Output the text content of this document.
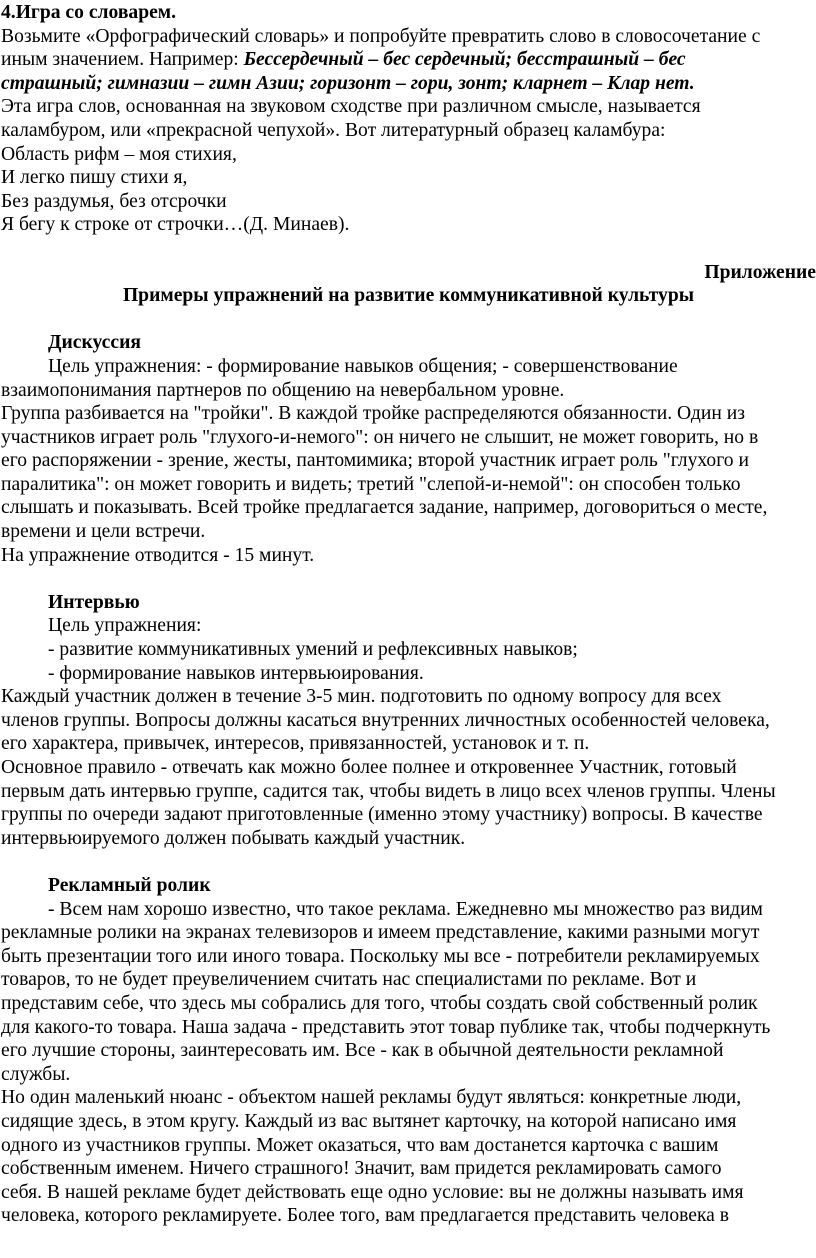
4.Игра со словарем.
Возьмите «Орфографический словарь» и попробуйте превратить слово в словосочетание с
иным значением. Например: Бессердечный – бес сердечный; бесстрашный – бес
страшный; гимназии – гимн Азии; горизонт – гори, зонт; кларнет – Клар нет.
Эта игра слов, основанная на звуковом сходстве при различном смысле, называется
каламбуром, или «прекрасной чепухой». Вот литературный образец каламбура:
Область рифм – моя стихия,
И легко пишу стихи я,
Без раздумья, без отсрочки
Я бегу к строке от строчки…(Д. Минаев).
Приложение
Примеры упражнений на развитие коммуникативной культуры
Дискуссия
Цель упражнения: - формирование навыков общения; - совершенствование
взаимопонимания партнеров по общению на невербальном уровне.
Группа разбивается на "тройки". В каждой тройке распределяются обязанности. Один из
участников играет роль "глухого-и-немого": он ничего не слышит, не может говорить, но в
его распоряжении - зрение, жесты, пантомимика; второй участник играет роль "глухого и
паралитика": он может говорить и видеть; третий "слепой-и-немой": он способен только
слышать и показывать. Всей тройке предлагается задание, например, договориться о месте,
времени и цели встречи.
На упражнение отводится - 15 минут.
Интервью
Цель упражнения:
- развитие коммуникативных умений и рефлексивных навыков;
- формирование навыков интервьюирования.
Каждый участник должен в течение 3-5 мин. подготовить по одному вопросу для всех
членов группы. Вопросы должны касаться внутренних личностных особенностей человека,
его характера, привычек, интересов, привязанностей, установок и т. п.
Основное правило - отвечать как можно более полнее и откровеннее Участник, готовый
первым дать интервью группе, садится так, чтобы видеть в лицо всех членов группы. Члены
группы по очереди задают приготовленные (именно этому участнику) вопросы. В качестве
интервьюируемого должен побывать каждый участник.
Рекламный ролик
- Всем нам хорошо известно, что такое реклама. Ежедневно мы множество раз видим
рекламные ролики на экранах телевизоров и имеем представление, какими разными могут
быть презентации того или иного товара. Поскольку мы все - потребители рекламируемых
товаров, то не будет преувеличением считать нас специалистами по рекламе. Вот и
представим себе, что здесь мы собрались для того, чтобы создать свой собственный ролик
для какого-то товара. Наша задача - представить этот товар публике так, чтобы подчеркнуть
его лучшие стороны, заинтересовать им. Все - как в обычной деятельности рекламной
службы.
Но один маленький нюанс - объектом нашей рекламы будут являться: конкретные люди,
сидящие здесь, в этом кругу. Каждый из вас вытянет карточку, на которой написано имя
одного из участников группы. Может оказаться, что вам достанется карточка с вашим
собственным именем. Ничего страшного! Значит, вам придется рекламировать самого
себя. В нашей рекламе будет действовать еще одно условие: вы не должны называть имя
человека, которого рекламируете. Более того, вам предлагается представить человека в
